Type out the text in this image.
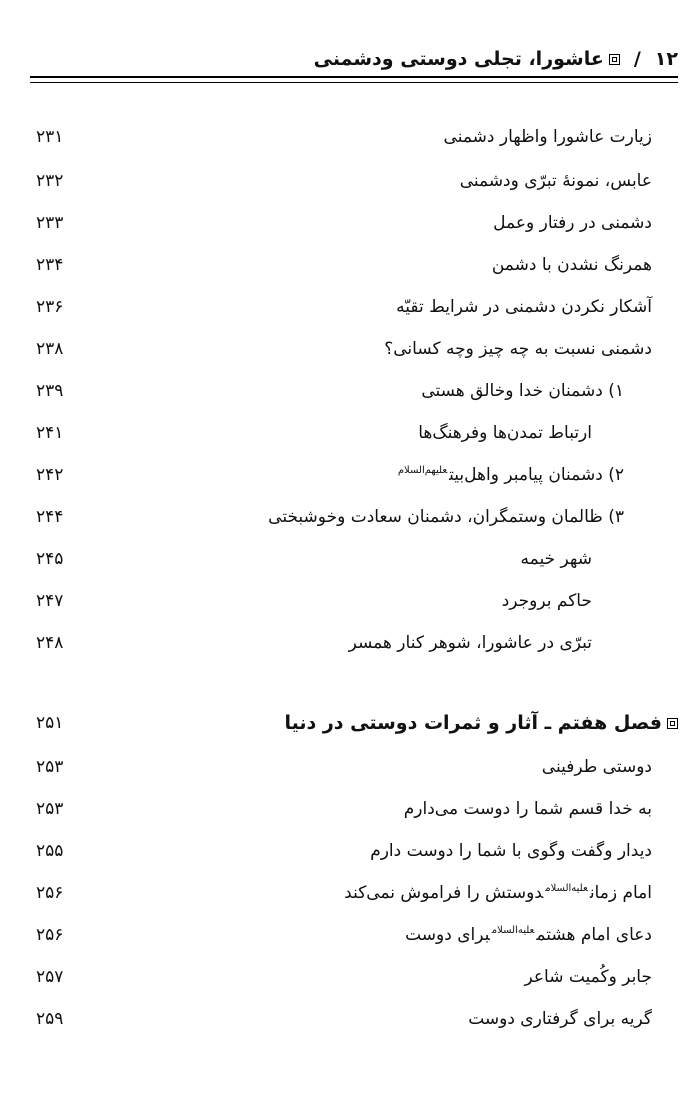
۱۲
/
عاشورا، تجلی دوستی ودشمنی
زیارت عاشورا واظهار دشمنی
۲۳۱
عابس، نمونهٔ تبرّی ودشمنی
۲۳۲
دشمنی در رفتار وعمل
۲۳۳
همرنگ نشدن با دشمن
۲۳۴
آشکار نکردن دشمنی در شرایط تقیّه
۲۳۶
دشمنی نسبت به چه چیز وچه کسانی؟
۲۳۸
۱) دشمنان خدا وخالق هستی
۲۳۹
ارتباط تمدن‌ها وفرهنگ‌ها
۲۴۱
۲) دشمنان پیامبر واهل‌بیت$^{علیهم‌السلام}$
۲۴۲
۳) ظالمان وستمگران، دشمنان سعادت وخوشبختی
۲۴۴
شهر خیمه
۲۴۵
حاکم بروجرد
۲۴۷
تبرّی در عاشورا، شوهر کنار همسر
۲۴۸
فصل هفتم ـ آثار و ثمرات دوستی در دنیا
۲۵۱
دوستی طرفینی
۲۵۳
به خدا قسم شما را دوست می‌دارم
۲۵۳
دیدار وگفت وگوی با شما را دوست دارم
۲۵۵
امام زمان$^{علیه‌السلام}$دوستش را فراموش نمی‌کند
۲۵۶
دعای امام هشتم$^{علیه‌السلام}$برای دوست
۲۵۶
جابر وکُمیت شاعر
۲۵۷
گریه برای گرفتاری دوست
۲۵۹
